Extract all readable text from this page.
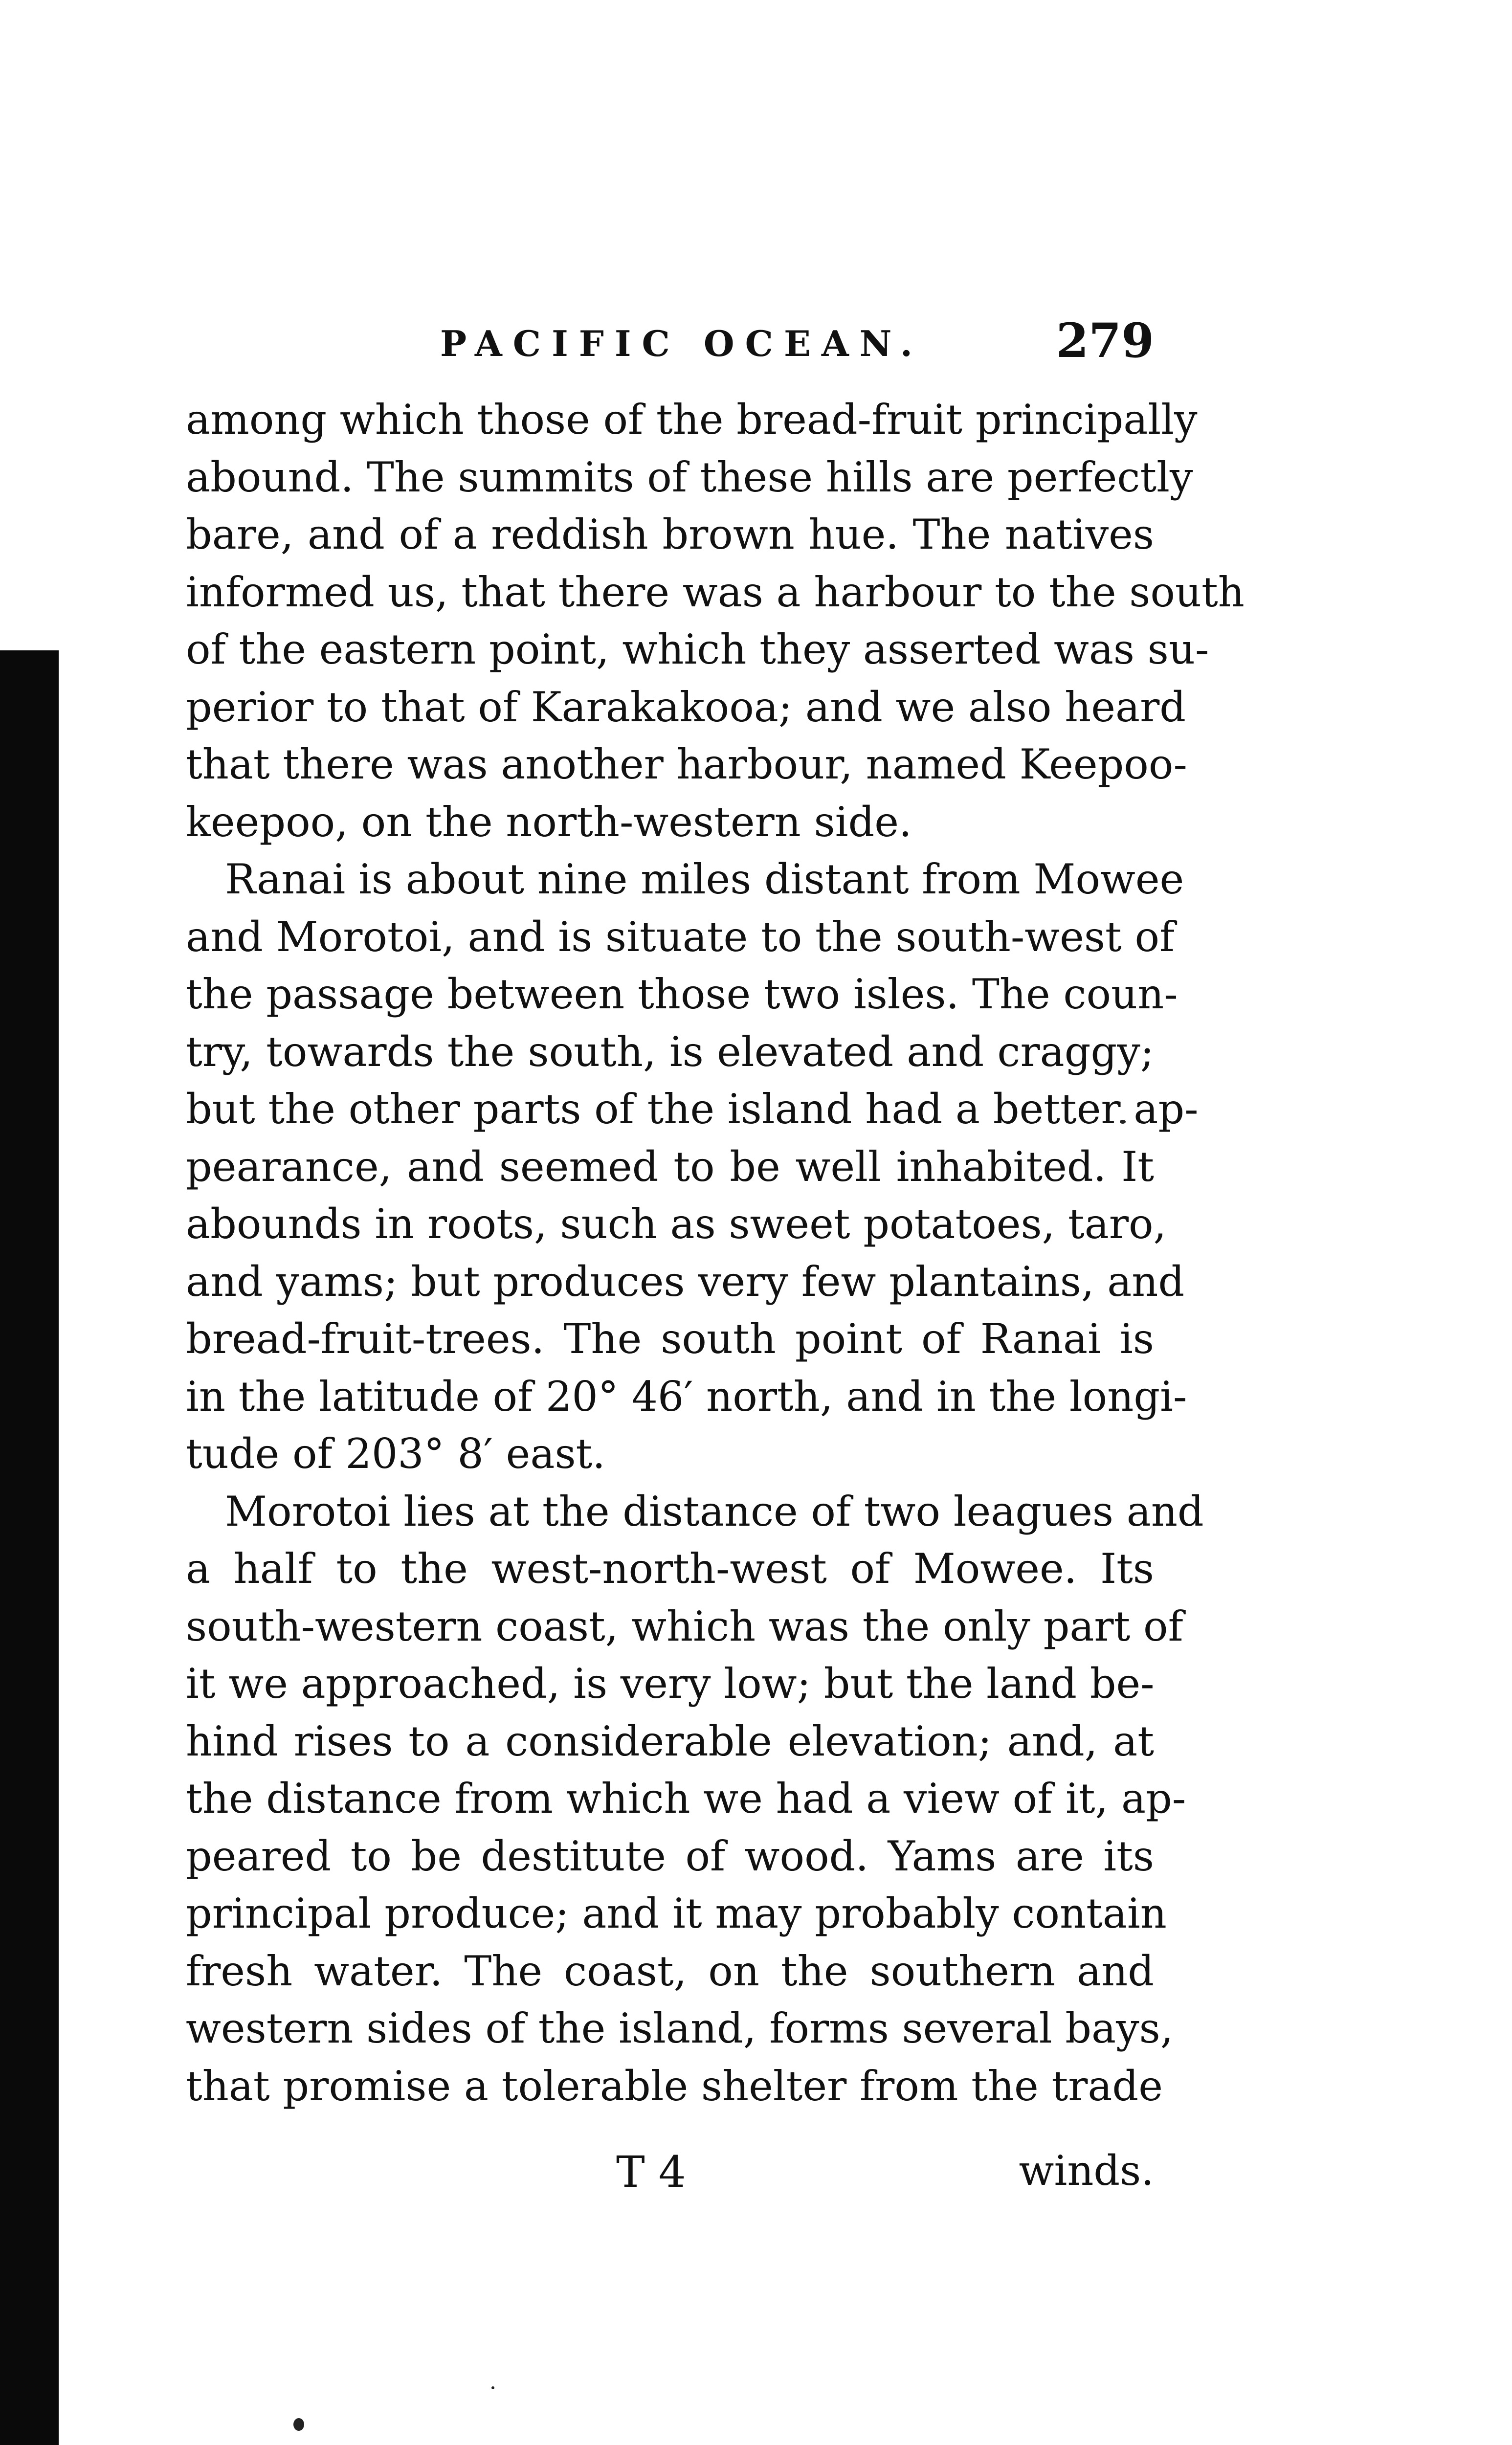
PACIFIC OCEAN.	279
among which those of the bread-fruit principally
abound. The summits of these hills are perfectly
bare, and of a reddish brown hue. The natives
informed us, that there was a harbour to the south
of the eastern point, which they asserted was su-
perior to that of Karakakooa; and we also heard
that there was another harbour, named Keepoo-
keepoo, on the north-western side.
Ranai is about nine miles distant from Mowee
and Morotoi, and is situate to the south-west of
the passage between those two isles. The coun-
try, towards the south, is elevated and craggy;
but the other parts of the island had a better ap-
pearance, and seemed to be well inhabited. It
abounds in roots, such as sweet potatoes, taro,
and yams; but produces very few plantains, and
bread-fruit-trees. The south point of Ranai is
in the latitude of 20° 46′ north, and in the longi-
tude of 203° 8′ east.
Morotoi lies at the distance of two leagues and
a half to the west-north-west of Mowee. Its
south-western coast, which was the only part of
it we approached, is very low; but the land be-
hind rises to a considerable elevation; and, at
the distance from which we had a view of it, ap-
peared to be destitute of wood. Yams are its
principal produce; and it may probably contain
fresh water. The coast, on the southern and
western sides of the island, forms several bays,
that promise a tolerable shelter from the trade
T 4	winds.
